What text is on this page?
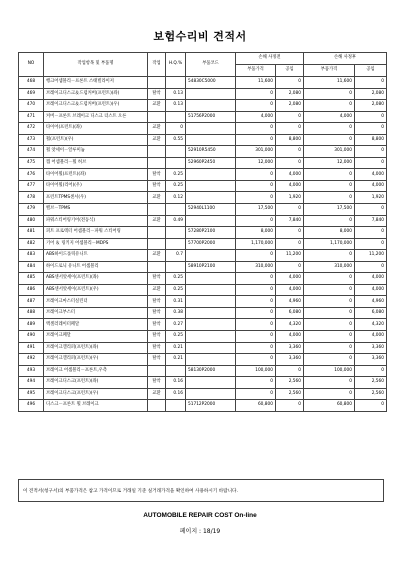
보험수리비 견적서
NO	작업항목 및 부품명	작업	H.Q.%	부품코드	손해 사정전		손해 사정후	
					부품가격	공임	부품가격	공임
468	행크어셈블리－프론트 스태빌라이저			54830C5000	11,600	0	11,600	0
469	브레이크디스크＆드럼커버(프런트)(좌)	탈착	0.13		0	2,080	0	2,080
470	브레이크디스크＆드럼커버(프런트)(우)	교환	0.13		0	2,080	0	2,080
471	커버－프론트 브레이크 디스크 더스트 오른			51756P2000	4,000	0	4,000	0
472	타이어(프런트)(좌)	교환	0		0	0	0	0
473	휠(프런트)(우)	교환	0.55		0	8,800	0	8,800
474	휠 앗세이－알루미늄			52910R5450	301,000	0	301,000	0
475	캡 어셈블리－휠 허브			52960P2450	12,000	0	12,000	0
476	타이어휠(프런트)(좌)	탈착	0.25		0	4,000	0	4,000
477	타이어휠(리어)(우)	탈착	0.25		0	4,000	0	4,000
478	프런트TPMS센서(우)	교환	0.12		0	1,920	0	1,920
479	밸브－TPMS			52940L1100	17,500	0	17,500	0
480	파워스티어링기어(전동식)	교환	0.49		0	7,840	0	7,840
481	퍼트 프로텍터 어셈블리－파워 스티어링			57280P2100	8,000	0	8,000	0
482	기어 ＆ 링키지 어셈블리－MDPS			57700P2000	1,170,000	0	1,170,000	0
483	ABS하이드롤릭유니트	교환	0.7		0	11,200	0	11,200
484	하이드로닉 유니트 어셈블리			58910P2100	310,000	0	310,000	0
485	ABS센서앗세이(프런트)(좌)	탈착	0.25		0	4,000	0	4,000
486	ABS센서앗세이(프런트)(우)	교환	0.25		0	4,000	0	4,000
487	브레이크마스터실린더	탈착	0.31		0	4,960	0	4,960
488	브레이크부스터	탈착	0.38		0	6,080	0	6,080
489	액셀러레이터페달	탈착	0.27		0	4,320	0	4,320
490	브레이크페달	탈착	0.25		0	4,000	0	4,000
491	브레이크캘리퍼(프런트)(좌)	탈착	0.21		0	3,360	0	3,360
492	브레이크캘리퍼(프런트)(우)	탈착	0.21		0	3,360	0	3,360
493	브레이크 어셈블리－프론트,우측			58130P2000	100,000	0	100,000	0
494	브레이크디스크(프런트)(좌)	탈착	0.16		0	2,560	0	2,560
495	브레이크디스크(프런트)(우)	교환	0.16		0	2,560	0	2,560
496	디스크－프론트 휠 브레이크			51712P2000	60,800	0	60,800	0
이 견적서(청구서)의 부품가격은 참고 가격이므로 거래일 기준 실거래가격을 확인하여 사용하시기 바랍니다.
AUTOMOBILE REPAIR COST On-line
페이지 : 18/19
